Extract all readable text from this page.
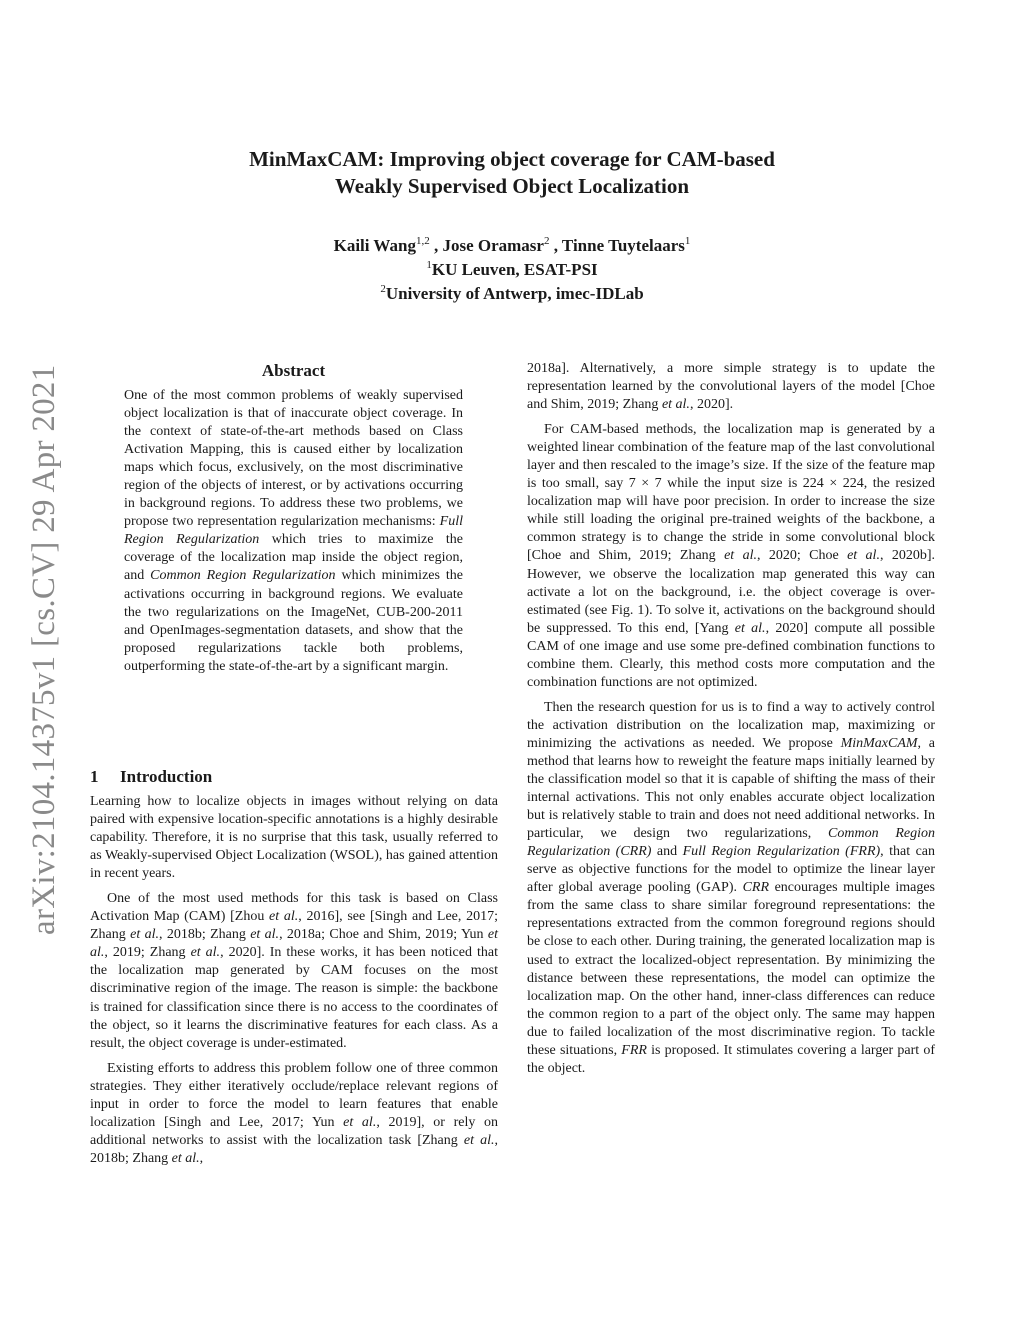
arXiv:2104.14375v1 [cs.CV] 29 Apr 2021
MinMaxCAM: Improving object coverage for CAM-based
Weakly Supervised Object Localization
Kaili Wang$^{1,2}$ , Jose Oramasr$^2$ , Tinne Tuytelaars$^1$
$^1$KU Leuven, ESAT-PSI
$^2$University of Antwerp, imec-IDLab
Abstract
One of the most common problems of weakly supervised object localization is that of inaccurate object coverage. In the context of state-of-the-art methods based on Class Activation Mapping, this is caused either by localization maps which focus, exclusively, on the most discriminative region of the objects of interest, or by activations occurring in background regions. To address these two problems, we propose two representation regularization mechanisms: Full Region Regularization which tries to maximize the coverage of the localization map inside the object region, and Common Region Regularization which minimizes the activations occurring in background regions. We evaluate the two regularizations on the ImageNet, CUB-200-2011 and OpenImages-segmentation datasets, and show that the proposed regularizations tackle both problems, outperforming the state-of-the-art by a significant margin.
1 Introduction

Learning how to localize objects in images without relying on data paired with expensive location-specific annotations is a highly desirable capability. Therefore, it is no surprise that this task, usually referred to as Weakly-supervised Object Localization (WSOL), has gained attention in recent years.

One of the most used methods for this task is based on Class Activation Map (CAM) [Zhou et al., 2016], see [Singh and Lee, 2017; Zhang et al., 2018b; Zhang et al., 2018a; Choe and Shim, 2019; Yun et al., 2019; Zhang et al., 2020]. In these works, it has been noticed that the localization map generated by CAM focuses on the most discriminative region of the image. The reason is simple: the backbone is trained for classification since there is no access to the coordinates of the object, so it learns the discriminative features for each class. As a result, the object coverage is under-estimated.

Existing efforts to address this problem follow one of three common strategies. They either iteratively occlude/replace relevant regions of input in order to force the model to learn features that enable localization [Singh and Lee, 2017; Yun et al., 2019], or rely on additional networks to assist with the localization task [Zhang et al., 2018b; Zhang et al.,

2018a]. Alternatively, a more simple strategy is to update the representation learned by the convolutional layers of the model [Choe and Shim, 2019; Zhang et al., 2020].

For CAM-based methods, the localization map is generated by a weighted linear combination of the feature map of the last convolutional layer and then rescaled to the image’s size. If the size of the feature map is too small, say 7 × 7 while the input size is 224 × 224, the resized localization map will have poor precision. In order to increase the size while still loading the original pre-trained weights of the backbone, a common strategy is to change the stride in some convolutional block [Choe and Shim, 2019; Zhang et al., 2020; Choe et al., 2020b]. However, we observe the localization map generated this way can activate a lot on the background, i.e. the object coverage is over-estimated (see Fig. 1). To solve it, activations on the background should be suppressed. To this end, [Yang et al., 2020] compute all possible CAM of one image and use some pre-defined combination functions to combine them. Clearly, this method costs more computation and the combination functions are not optimized.

Then the research question for us is to find a way to actively control the activation distribution on the localization map, maximizing or minimizing the activations as needed. We propose MinMaxCAM, a method that learns how to reweight the feature maps initially learned by the classification model so that it is capable of shifting the mass of their internal activations. This not only enables accurate object localization but is relatively stable to train and does not need additional networks. In particular, we design two regularizations, Common Region Regularization (CRR) and Full Region Regularization (FRR), that can serve as objective functions for the model to optimize the linear layer after global average pooling (GAP). CRR encourages multiple images from the same class to share similar foreground representations: the representations extracted from the common foreground regions should be close to each other. During training, the generated localization map is used to extract the localized-object representation. By minimizing the distance between these representations, the model can optimize the localization map. On the other hand, inner-class differences can reduce the common region to a part of the object only. The same may happen due to failed localization of the most discriminative region. To tackle these situations, FRR is proposed. It stimulates covering a larger part of the object.
